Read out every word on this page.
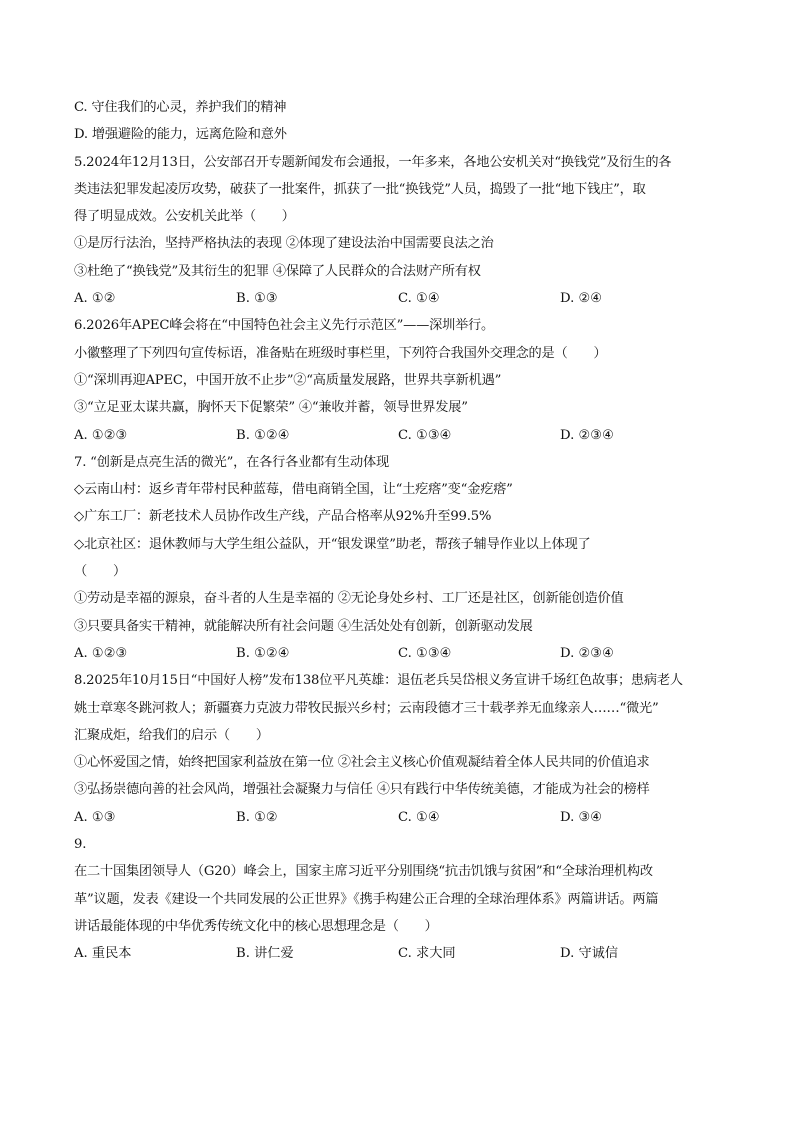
C. 守住我们的心灵，养护我们的精神
D. 增强避险的能力，远离危险和意外
5.2024年12月13日，公安部召开专题新闻发布会通报，一年多来，各地公安机关对“换钱党”及衍生的各
类违法犯罪发起凌厉攻势，破获了一批案件，抓获了一批“换钱党”人员，捣毁了一批“地下钱庄”，取
得了明显成效。公安机关此举（　　）
①是厉行法治，坚持严格执法的表现 ②体现了建设法治中国需要良法之治
③杜绝了“换钱党”及其衍生的犯罪 ④保障了人民群众的合法财产所有权
A. ①②	B. ①③	C. ①④	D. ②④
6.2026年APEC峰会将在“中国特色社会主义先行示范区”——深圳举行。
小徽整理了下列四句宣传标语，准备贴在班级时事栏里，下列符合我国外交理念的是（　　）
①“深圳再迎APEC，中国开放不止步”②“高质量发展路，世界共享新机遇”
③“立足亚太谋共赢，胸怀天下促繁荣” ④“兼收并蓄，领导世界发展”
A. ①②③	B. ①②④	C. ①③④	D. ②③④
7. “创新是点亮生活的微光”，在各行各业都有生动体现
◇云南山村：返乡青年带村民种蓝莓，借电商销全国，让“土疙瘩”变“金疙瘩”
◇广东工厂：新老技术人员协作改生产线，产品合格率从92%升至99.5%
◇北京社区：退休教师与大学生组公益队，开“银发课堂”助老，帮孩子辅导作业以上体现了
（　　）
①劳动是幸福的源泉，奋斗者的人生是幸福的 ②无论身处乡村、工厂还是社区，创新能创造价值
③只要具备实干精神，就能解决所有社会问题 ④生活处处有创新，创新驱动发展
A. ①②③	B. ①②④	C. ①③④	D. ②③④
8.2025年10月15日“中国好人榜”发布138位平凡英雄：退伍老兵吴岱根义务宣讲千场红色故事；患病老人
姚士章寒冬跳河救人；新疆赛力克波力带牧民振兴乡村；云南段德才三十载孝养无血缘亲人……“微光”
汇聚成炬，给我们的启示（　　）
①心怀爱国之情，始终把国家利益放在第一位 ②社会主义核心价值观凝结着全体人民共同的价值追求
③弘扬崇德向善的社会风尚，增强社会凝聚力与信任 ④只有践行中华传统美德，才能成为社会的榜样
A. ①③	B. ①②	C. ①④	D. ③④
9.
在二十国集团领导人（G20）峰会上，国家主席习近平分别围绕“抗击饥饿与贫困”和“全球治理机构改
革”议题，发表《建设一个共同发展的公正世界》《携手构建公正合理的全球治理体系》两篇讲话。两篇
讲话最能体现的中华优秀传统文化中的核心思想理念是（　　）
A. 重民本	B. 讲仁爱	C. 求大同	D. 守诚信
